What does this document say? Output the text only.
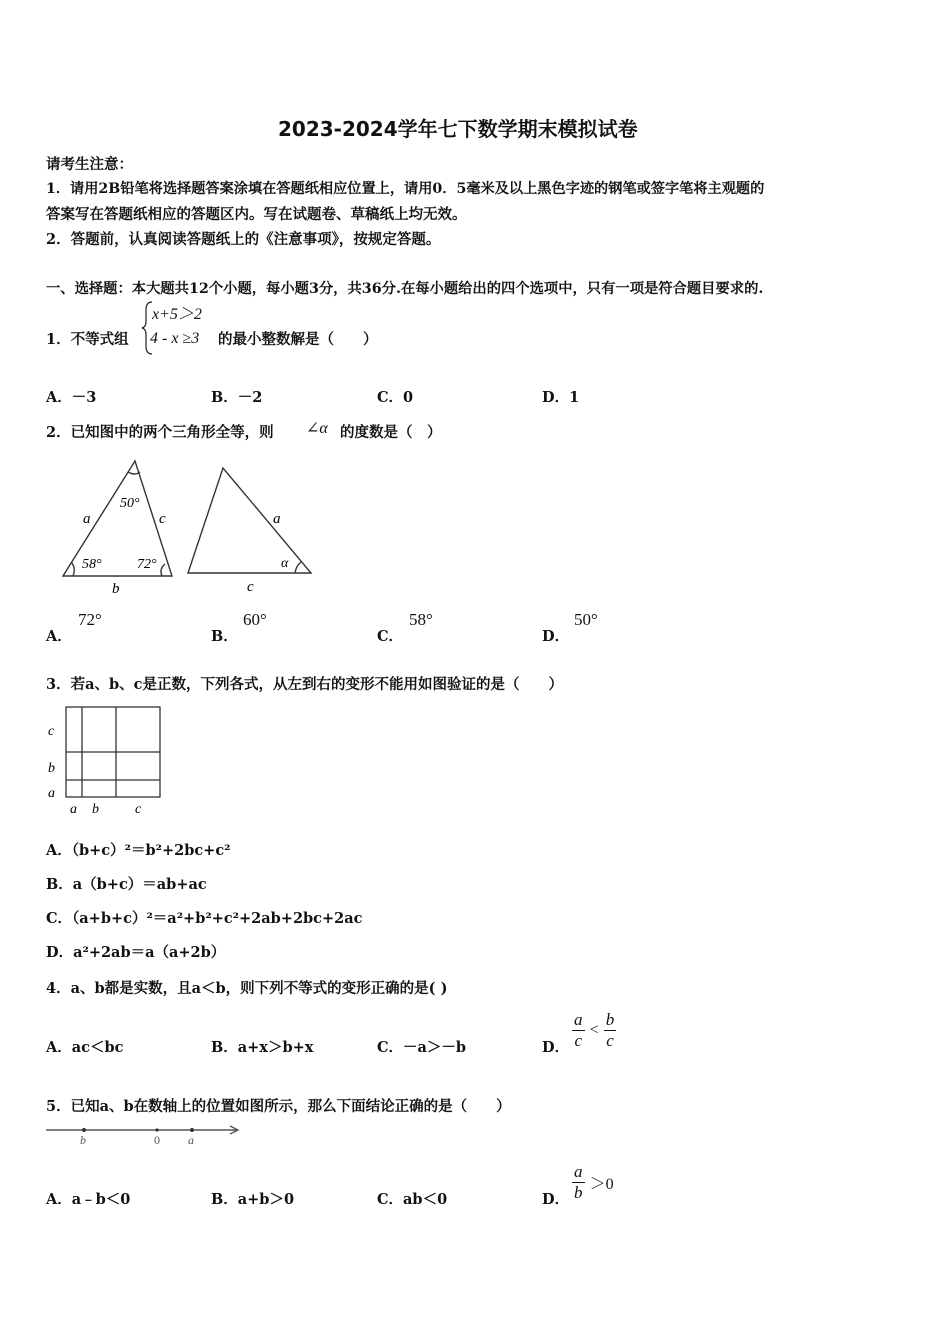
2023-2024学年七下数学期末模拟试卷
请考生注意：
1．请用2B铅笔将选择题答案涂填在答题纸相应位置上，请用0．5毫米及以上黑色字迹的钢笔或签字笔将主观题的
答案写在答题纸相应的答题区内。写在试题卷、草稿纸上均无效。
2．答题前，认真阅读答题纸上的《注意事项》，按规定答题。
一、选择题：本大题共12个小题，每小题3分，共36分.在每小题给出的四个选项中，只有一项是符合题目要求的.
1．不等式组
x+5＞2
4 - x ≥3 的最小整数解是（　　）
A．－3	B．－2	C．0	D．1
2．已知图中的两个三角形全等，则 ∠α 的度数是（　）
50°
58°	72°
a	c
b
a
α
c
A．
72°
B．
60°
C．
58°
D．
50°
3．若a、b、c是正数，下列各式，从左到右的变形不能用如图验证的是（　　）
c
b
a
a b	c
A．（b+c）²＝b²+2bc+c²
B．a（b+c）＝ab+ac
C．（a+b+c）²＝a²+b²+c²+2ab+2bc+2ac
D．a²+2ab＝a（a+2b）
4．a、b都是实数，且a＜b，则下列不等式的变形正确的是( )
A．ac＜bc	B．a+x＞b+x	C．－a＞－b	D． $\frac{a}{c} < \frac{b}{c}$
5．已知a、b在数轴上的位置如图所示，那么下面结论正确的是（　　）
b	0 a
A．a﹣b＜0	B．a+b＞0	C．ab＜0	D． $\frac{a}{b} >0$
